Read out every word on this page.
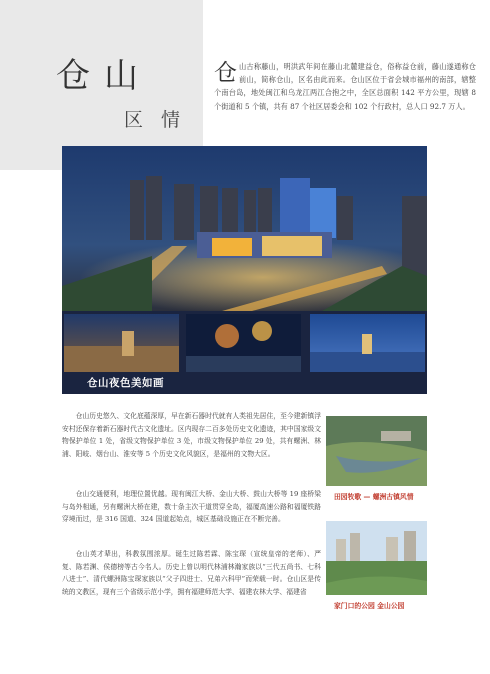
仓山
区情
仓 山古称藤山，明洪武年间在藤山北麓建益仓，俗称益仓前，藤山遂通称仓前山，简称仓山，区名由此而来。仓山区位于省会城市福州的南部，辖整个南台岛，地处闽江和乌龙江两江合抱之中，全区总面积 142 平方公里，现辖 8 个街道和 5 个镇，共有 87 个社区居委会和 102 个行政村，总人口 92.7 万人。
仓山夜色美如画
仓山历史悠久、文化底蕴深厚，早在新石器时代就有人类祖先居住，至今建新镇浮安村还保存着新石器时代古文化遗址。区内现存二百多处历史文化遗迹，其中国家级文物保护单位 1 处，省级文物保护单位 3 处，市级文物保护单位 29 处，共有螺洲、林浦、阳岐、烟台山、淮安等 5 个历史文化风貌区，是福州的文物大区。
仓山交通便利，地理位置优越。现有闽江大桥、金山大桥、鼓山大桥等 19 座桥梁与岛外相通，另有螺洲大桥在建，数十条主次干道贯穿全岛，福厦高速公路和福厦铁路穿境而过，是 316 国道、324 国道起始点，城区基础设施正在不断完善。
仓山英才辈出，科教氛围浓厚。诞生过陈若霖、陈宝琛（宣统皇帝的老师）、严复、陈若渊、侯德榜等古今名人。历史上曾以明代林浦林瀚家族以“三代五尚书、七科八进士”、清代螺洲陈宝琛家族以“父子四进士、兄弟六科甲”而荣载一时。仓山区是传统的文教区，现有三个省级示范小学，拥有福建师范大学、福建农林大学、福建省
田园牧歌 — 螺洲古镇风情
家门口的公园 金山公园
